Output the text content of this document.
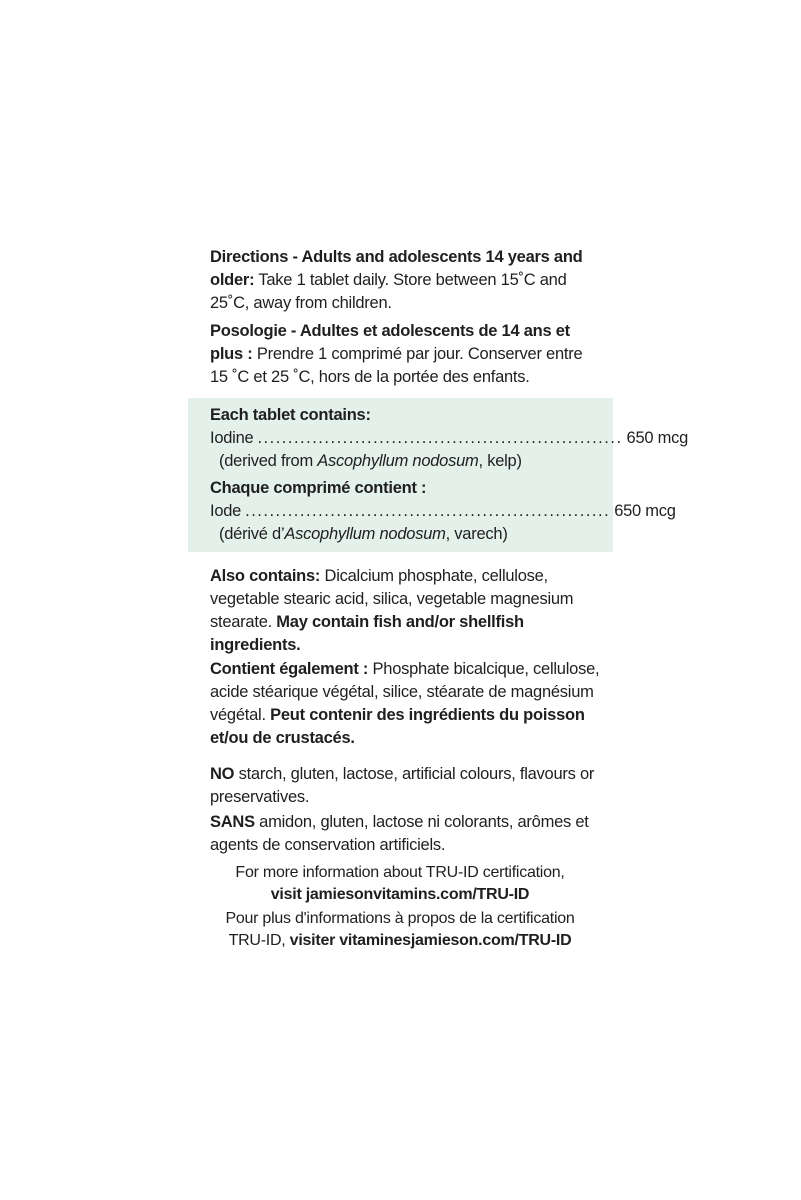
Directions - Adults and adolescents 14 years and older: Take 1 tablet daily. Store between 15˚C and 25˚C, away from children.

Posologie - Adultes et adolescents de 14 ans et plus : Prendre 1 comprimé par jour. Conserver entre 15 ˚C et 25 ˚C, hors de la portée des enfants.

Each tablet contains:

Iodine ............................................................ 650 mcg

(derived from Ascophyllum nodosum, kelp)

Chaque comprimé contient :

Iode ............................................................ 650 mcg

(dérivé d’Ascophyllum nodosum, varech)

Also contains: Dicalcium phosphate, cellulose, vegetable stearic acid, silica, vegetable magnesium stearate. May contain fish and/or shellfish ingredients.

Contient également : Phosphate bicalcique, cellulose, acide stéarique végétal, silice, stéarate de magnésium végétal. Peut contenir des ingrédients du poisson et/ou de crustacés.

NO starch, gluten, lactose, artificial colours, flavours or preservatives.

SANS amidon, gluten, lactose ni colorants, arômes et agents de conservation artificiels.

For more information about TRU-ID certification,

visit jamiesonvitamins.com/TRU-ID

Pour plus d'informations à propos de la certification

TRU-ID, visiter vitaminesjamieson.com/TRU-ID
